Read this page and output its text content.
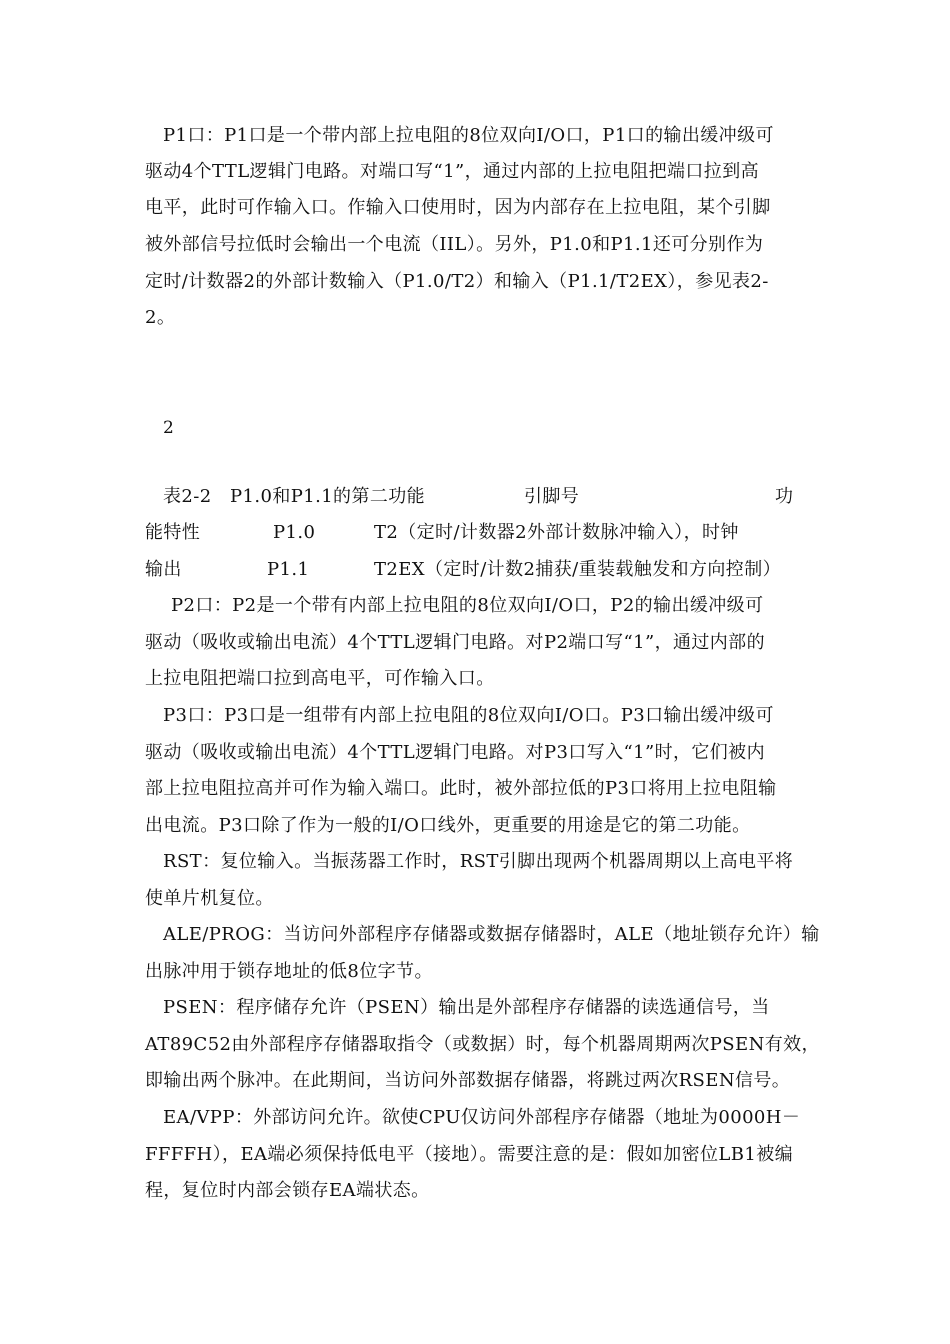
P1口：P1口是一个带内部上拉电阻的8位双向I/O口，P1口的输出缓冲级可
驱动4个TTL逻辑门电路。对端口写“1”，通过内部的上拉电阻把端口拉到高
电平，此时可作输入口。作输入口使用时，因为内部存在上拉电阻，某个引脚
被外部信号拉低时会输出一个电流（IIL）。另外，P1.0和P1.1还可分别作为
定时/计数器2的外部计数输入（P1.0/T2）和输入（P1.1/T2EX），参见表2-
2。
2
表2-2　P1.0和P1.1的第二功能	引脚号	功
能特性	P1.0	T2（定时/计数器2外部计数脉冲输入），时钟
输出	P1.1	T2EX（定时/计数2捕获/重装载触发和方向控制）
P2口：P2是一个带有内部上拉电阻的8位双向I/O口，P2的输出缓冲级可
驱动（吸收或输出电流）4个TTL逻辑门电路。对P2端口写“1”，通过内部的
上拉电阻把端口拉到高电平，可作输入口。
P3口：P3口是一组带有内部上拉电阻的8位双向I/O口。P3口输出缓冲级可
驱动（吸收或输出电流）4个TTL逻辑门电路。对P3口写入“1”时，它们被内
部上拉电阻拉高并可作为输入端口。此时，被外部拉低的P3口将用上拉电阻输
出电流。P3口除了作为一般的I/O口线外，更重要的用途是它的第二功能。
RST：复位输入。当振荡器工作时，RST引脚出现两个机器周期以上高电平将
使单片机复位。
ALE/PROG：当访问外部程序存储器或数据存储器时，ALE（地址锁存允许）输
出脉冲用于锁存地址的低8位字节。
PSEN：程序储存允许（PSEN）输出是外部程序存储器的读选通信号，当
AT89C52由外部程序存储器取指令（或数据）时，每个机器周期两次PSEN有效，
即输出两个脉冲。在此期间，当访问外部数据存储器，将跳过两次RSEN信号。
EA/VPP：外部访问允许。欲使CPU仅访问外部程序存储器（地址为0000H－
FFFFH），EA端必须保持低电平（接地）。需要注意的是：假如加密位LB1被编
程，复位时内部会锁存EA端状态。
